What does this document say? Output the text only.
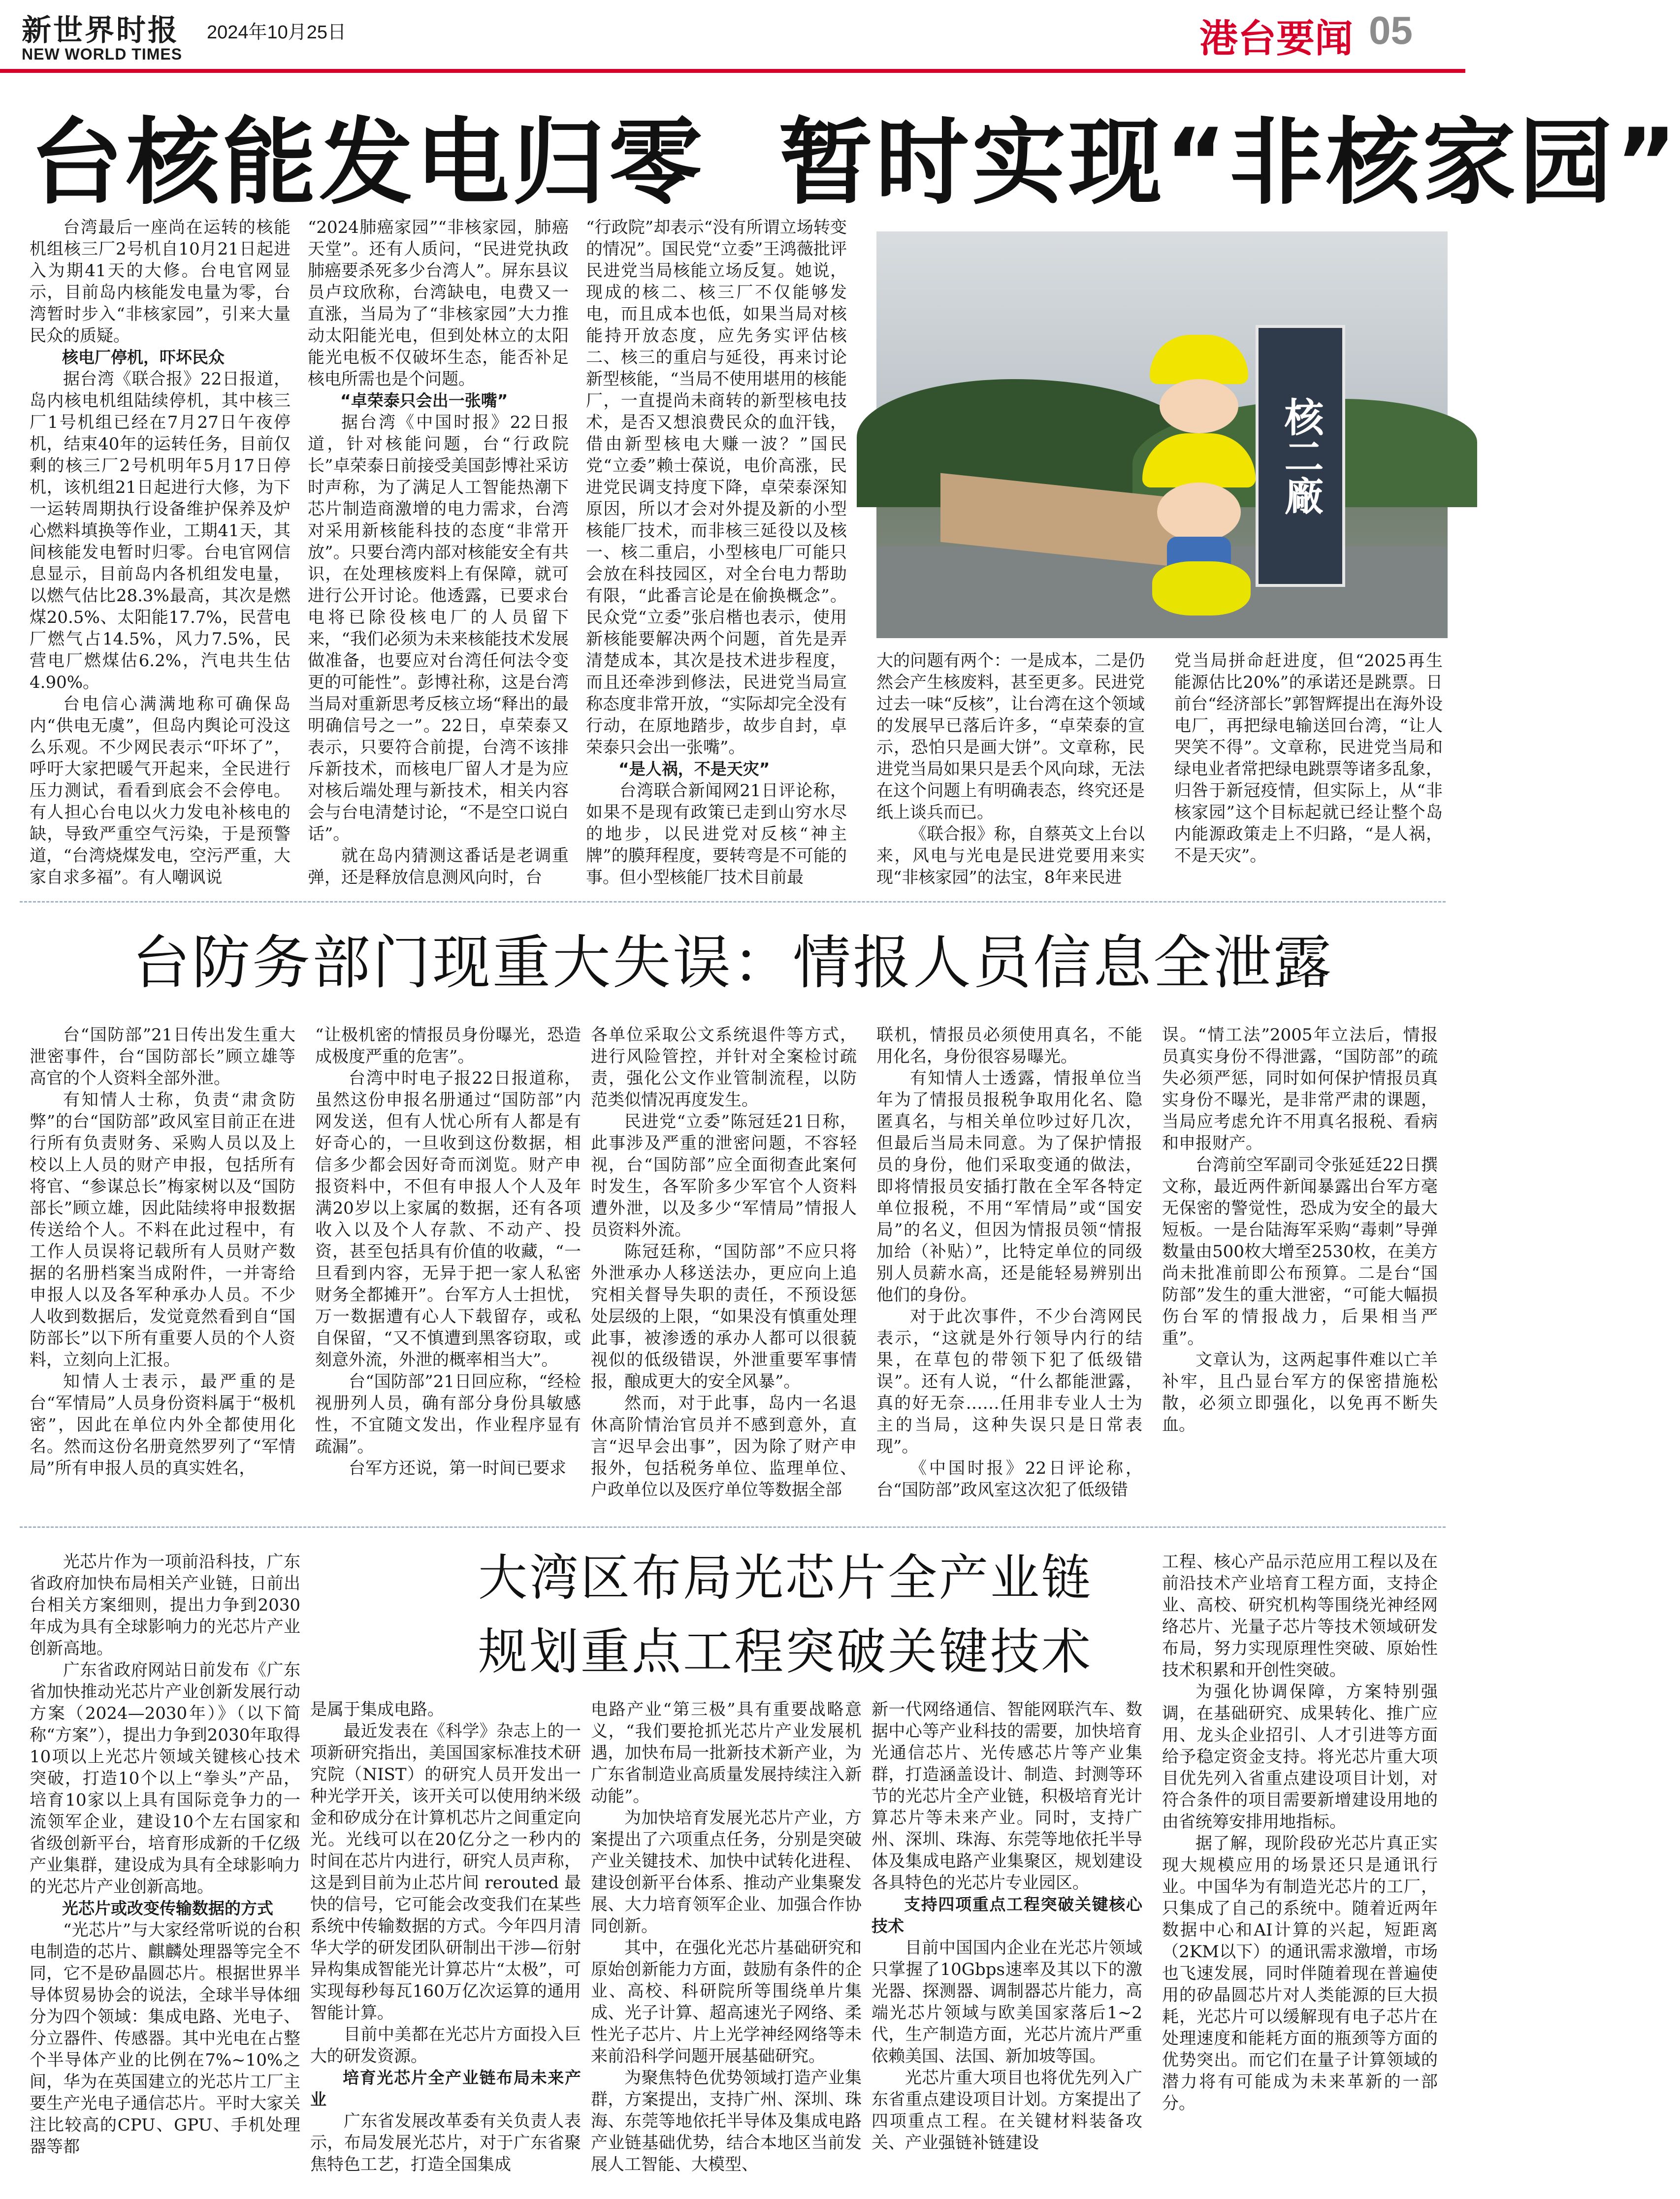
新世界时报 2024年10月25日
NEW WORLD TIMES	港台要闻 05
台核能发电归零 暂时实现“非核家园”
核二廠

台湾最后一座尚在运转的核能机组核三厂2号机自10月21日起进入为期41天的大修。台电官网显示，目前岛内核能发电量为零，台湾暂时步入“非核家园”，引来大量民众的质疑。

核电厂停机，吓坏民众

据台湾《联合报》22日报道，岛内核电机组陆续停机，其中核三厂1号机组已经在7月27日午夜停机，结束40年的运转任务，目前仅剩的核三厂2号机明年5月17日停机，该机组21日起进行大修，为下一运转周期执行设备维护保养及炉心燃料填换等作业，工期41天，其间核能发电暂时归零。台电官网信息显示，目前岛内各机组发电量，以燃气估比28.3%最高，其次是燃煤20.5%、太阳能17.7%，民营电厂燃气占14.5%，风力7.5%，民营电厂燃煤估6.2%，汽电共生估4.90%。

台电信心满满地称可确保岛内“供电无虞”，但岛内舆论可没这么乐观。不少网民表示“吓坏了”，呼吁大家把暖气开起来，全民进行压力测试，看看到底会不会停电。有人担心台电以火力发电补核电的缺，导致严重空气污染，于是预警道，“台湾烧煤发电，空污严重，大家自求多福”。有人嘲讽说

“2024肺癌家园”“非核家园，肺癌天堂”。还有人质问，“民进党执政肺癌要杀死多少台湾人”。屏东县议员卢玟欣称，台湾缺电，电费又一直涨，当局为了“非核家园”大力推动太阳能光电，但到处林立的太阳能光电板不仅破坏生态，能否补足核电所需也是个问题。

“卓荣泰只会出一张嘴”

据台湾《中国时报》22日报道，针对核能问题，台“行政院长”卓荣泰日前接受美国彭博社采访时声称，为了满足人工智能热潮下芯片制造商激增的电力需求，台湾对采用新核能科技的态度“非常开放”。只要台湾内部对核能安全有共识，在处理核废料上有保障，就可进行公开讨论。他透露，已要求台电将已除役核电厂的人员留下来，“我们必须为未来核能技术发展做准备，也要应对台湾任何法令变更的可能性”。彭博社称，这是台湾当局对重新思考反核立场“释出的最明确信号之一”。22日，卓荣泰又表示，只要符合前提，台湾不该排斥新技术，而核电厂留人才是为应对核后端处理与新技术，相关内容会与台电清楚讨论，“不是空口说白话”。

就在岛内猜测这番话是老调重弹，还是释放信息测风向时，台

“行政院”却表示“没有所谓立场转变的情况”。国民党“立委”王鸿薇批评民进党当局核能立场反复。她说，现成的核二、核三厂不仅能够发电，而且成本也低，如果当局对核能持开放态度，应先务实评估核二、核三的重启与延役，再来讨论新型核能，“当局不使用堪用的核能厂，一直提尚未商转的新型核电技术，是否又想浪费民众的血汗钱，借由新型核电大赚一波？”国民党“立委”赖士葆说，电价高涨，民进党民调支持度下降，卓荣泰深知原因，所以才会对外提及新的小型核能厂技术，而非核三延役以及核一、核二重启，小型核电厂可能只会放在科技园区，对全台电力帮助有限，“此番言论是在偷换概念”。民众党“立委”张启楷也表示，使用新核能要解决两个问题，首先是弄清楚成本，其次是技术进步程度，而且还牵涉到修法，民进党当局宣称态度非常开放，“实际却完全没有行动，在原地踏步，故步自封，卓荣泰只会出一张嘴”。

“是人祸，不是天灾”

台湾联合新闻网21日评论称，如果不是现有政策已走到山穷水尽的地步，以民进党对反核“神主牌”的膜拜程度，要转弯是不可能的事。但小型核能厂技术目前最

大的问题有两个：一是成本，二是仍然会产生核废料，甚至更多。民进党过去一味“反核”，让台湾在这个领域的发展早已落后许多，“卓荣泰的宣示，恐怕只是画大饼”。文章称，民进党当局如果只是丢个风向球，无法在这个问题上有明确表态，终究还是纸上谈兵而已。

《联合报》称，自蔡英文上台以来，风电与光电是民进党要用来实现“非核家园”的法宝，8年来民进

党当局拼命赶进度，但“2025再生能源估比20%”的承诺还是跳票。日前台“经济部长”郭智辉提出在海外设电厂，再把绿电输送回台湾，“让人哭笑不得”。文章称，民进党当局和绿电业者常把绿电跳票等诸多乱象，归咎于新冠疫情，但实际上，从“非核家园”这个目标起就已经让整个岛内能源政策走上不归路，“是人祸，不是天灾”。

台防务部门现重大失误：情报人员信息全泄露

台“国防部”21日传出发生重大泄密事件，台“国防部长”顾立雄等高官的个人资料全部外泄。

有知情人士称，负责“肃贪防弊”的台“国防部”政风室目前正在进行所有负责财务、采购人员以及上校以上人员的财产申报，包括所有将官、“参谋总长”梅家树以及“国防部长”顾立雄，因此陆续将申报数据传送给个人。不料在此过程中，有工作人员误将记载所有人员财产数据的名册档案当成附件，一并寄给申报人以及各军种承办人员。不少人收到数据后，发觉竟然看到自“国防部长”以下所有重要人员的个人资料，立刻向上汇报。

知情人士表示，最严重的是台“军情局”人员身份资料属于“极机密”，因此在单位内外全都使用化名。然而这份名册竟然罗列了“军情局”所有申报人员的真实姓名，

“让极机密的情报员身份曝光，恐造成极度严重的危害”。

台湾中时电子报22日报道称，虽然这份申报名册通过“国防部”内网发送，但有人忧心所有人都是有好奇心的，一旦收到这份数据，相信多少都会因好奇而浏览。财产申报资料中，不但有申报人个人及年满20岁以上家属的数据，还有各项收入以及个人存款、不动产、投资，甚至包括具有价值的收藏，“一旦看到内容，无异于把一家人私密财务全都摊开”。台军方人士担忧，万一数据遭有心人下载留存，或私自保留，“又不慎遭到黑客窃取，或刻意外流，外泄的概率相当大”。

台“国防部”21日回应称，“经检视册列人员，确有部分身份具敏感性，不宜随文发出，作业程序显有疏漏”。

台军方还说，第一时间已要求

各单位采取公文系统退件等方式，进行风险管控，并针对全案检讨疏责，强化公文作业管制流程，以防范类似情况再度发生。

民进党“立委”陈冠廷21日称，此事涉及严重的泄密问题，不容轻视，台“国防部”应全面彻查此案何时发生，各军阶多少军官个人资料遭外泄，以及多少“军情局”情报人员资料外流。

陈冠廷称，“国防部”不应只将外泄承办人移送法办，更应向上追究相关督导失职的责任，不预设惩处层级的上限，“如果没有慎重处理此事，被渗透的承办人都可以很藐视似的低级错误，外泄重要军事情报，酿成更大的安全风暴”。

然而，对于此事，岛内一名退休高阶情治官员并不感到意外，直言“迟早会出事”，因为除了财产申报外，包括税务单位、监理单位、户政单位以及医疗单位等数据全部

联机，情报员必须使用真名，不能用化名，身份很容易曝光。

有知情人士透露，情报单位当年为了情报员报税争取用化名、隐匿真名，与相关单位吵过好几次，但最后当局未同意。为了保护情报员的身份，他们采取变通的做法，即将情报员安插打散在全军各特定单位报税，不用“军情局”或“国安局”的名义，但因为情报员领“情报加给（补贴）”，比特定单位的同级别人员薪水高，还是能轻易辨别出他们的身份。

对于此次事件，不少台湾网民表示，“这就是外行领导内行的结果，在草包的带领下犯了低级错误”。还有人说，“什么都能泄露，真的好无奈……任用非专业人士为主的当局，这种失误只是日常表现”。

《中国时报》22日评论称，台“国防部”政风室这次犯了低级错

误。“情工法”2005年立法后，情报员真实身份不得泄露，“国防部”的疏失必须严惩，同时如何保护情报员真实身份不曝光，是非常严肃的课题，当局应考虑允许不用真名报税、看病和申报财产。

台湾前空军副司令张延廷22日撰文称，最近两件新闻暴露出台军方毫无保密的警觉性，恐成为安全的最大短板。一是台陆海军采购“毒刺”导弹数量由500枚大增至2530枚，在美方尚未批准前即公布预算。二是台“国防部”发生的重大泄密，“可能大幅损伤台军的情报战力，后果相当严重”。

文章认为，这两起事件难以亡羊补牢，且凸显台军方的保密措施松散，必须立即强化，以免再不断失血。

大湾区布局光芯片全产业链
规划重点工程突破关键技术

光芯片作为一项前沿科技，广东省政府加快布局相关产业链，日前出台相关方案细则，提出力争到2030年成为具有全球影响力的光芯片产业创新高地。

广东省政府网站日前发布《广东省加快推动光芯片产业创新发展行动方案（2024—2030年）》（以下简称“方案”），提出力争到2030年取得10项以上光芯片领域关键核心技术突破，打造10个以上“拳头”产品，培育10家以上具有国际竞争力的一流领军企业，建设10个左右国家和省级创新平台，培育形成新的千亿级产业集群，建设成为具有全球影响力的光芯片产业创新高地。

光芯片或改变传输数据的方式

“光芯片”与大家经常听说的台积电制造的芯片、麒麟处理器等完全不同，它不是矽晶圆芯片。根据世界半导体贸易协会的说法，全球半导体细分为四个领域：集成电路、光电子、分立器件、传感器。其中光电在占整个半导体产业的比例在7%~10%之间，华为在英国建立的光芯片工厂主要生产光电子通信芯片。平时大家关注比较高的CPU、GPU、手机处理器等都

是属于集成电路。

最近发表在《科学》杂志上的一项新研究指出，美国国家标准技术研究院（NIST）的研究人员开发出一种光学开关，该开关可以使用纳米级金和矽成分在计算机芯片之间重定向光。光线可以在20亿分之一秒内的时间在芯片内进行，研究人员声称，这是到目前为止芯片间 rerouted 最快的信号，它可能会改变我们在某些系统中传输数据的方式。今年四月清华大学的研发团队研制出干涉—衍射异构集成智能光计算芯片“太极”，可实现每秒每瓦160万亿次运算的通用智能计算。

目前中美都在光芯片方面投入巨大的研发资源。

培育光芯片全产业链布局未来产业

广东省发展改革委有关负责人表示，布局发展光芯片，对于广东省聚焦特色工艺，打造全国集成

电路产业“第三极”具有重要战略意义，“我们要抢抓光芯片产业发展机遇，加快布局一批新技术新产业，为广东省制造业高质量发展持续注入新动能”。

为加快培育发展光芯片产业，方案提出了六项重点任务，分别是突破产业关键技术、加快中试转化进程、建设创新平台体系、推动产业集聚发展、大力培育领军企业、加强合作协同创新。

其中，在强化光芯片基础研究和原始创新能力方面，鼓励有条件的企业、高校、科研院所等围绕单片集成、光子计算、超高速光子网络、柔性光子芯片、片上光学神经网络等未来前沿科学问题开展基础研究。

为聚焦特色优势领域打造产业集群，方案提出，支持广州、深圳、珠海、东莞等地依托半导体及集成电路产业链基础优势，结合本地区当前发展人工智能、大模型、

新一代网络通信、智能网联汽车、数据中心等产业科技的需要，加快培育光通信芯片、光传感芯片等产业集群，打造涵盖设计、制造、封测等环节的光芯片全产业链，积极培育光计算芯片等未来产业。同时，支持广州、深圳、珠海、东莞等地依托半导体及集成电路产业集聚区，规划建设各具特色的光芯片专业园区。

支持四项重点工程突破关键核心技术

目前中国国内企业在光芯片领域只掌握了10Gbps速率及其以下的激光器、探测器、调制器芯片能力，高端光芯片领域与欧美国家落后1~2代，生产制造方面，光芯片流片严重依赖美国、法国、新加坡等国。

光芯片重大项目也将优先列入广东省重点建设项目计划。方案提出了四项重点工程。在关键材料装备攻关、产业强链补链建设

工程、核心产品示范应用工程以及在前沿技术产业培育工程方面，支持企业、高校、研究机构等围绕光神经网络芯片、光量子芯片等技术领域研发布局，努力实现原理性突破、原始性技术积累和开创性突破。

为强化协调保障，方案特别强调，在基础研究、成果转化、推广应用、龙头企业招引、人才引进等方面给予稳定资金支持。将光芯片重大项目优先列入省重点建设项目计划，对符合条件的项目需要新增建设用地的由省统筹安排用地指标。

据了解，现阶段矽光芯片真正实现大规模应用的场景还只是通讯行业。中国华为有制造光芯片的工厂，只集成了自己的系统中。随着近两年数据中心和AI计算的兴起，短距离（2KM以下）的通讯需求激增，市场也飞速发展，同时伴随着现在普遍使用的矽晶圆芯片对人类能源的巨大损耗，光芯片可以缓解现有电子芯片在处理速度和能耗方面的瓶颈等方面的优势突出。而它们在量子计算领域的潜力将有可能成为未来革新的一部分。
